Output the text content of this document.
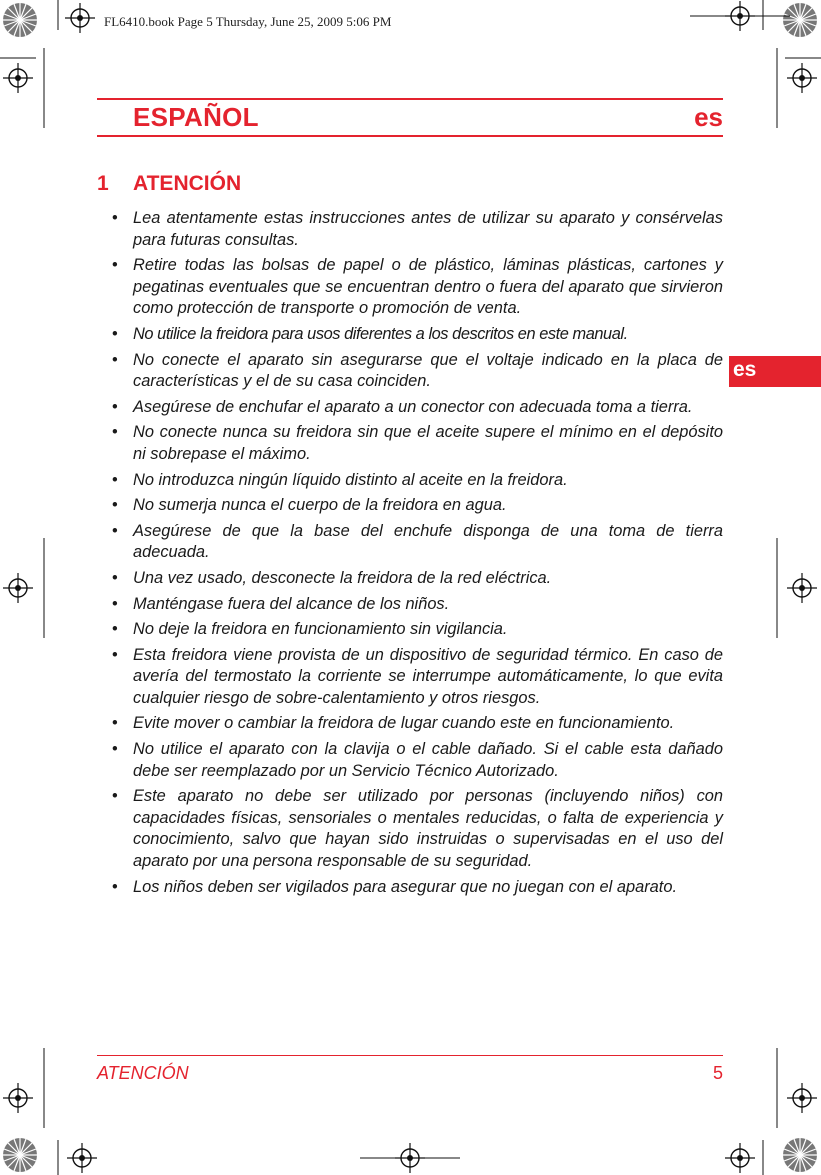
FL6410.book Page 5 Thursday, June 25, 2009 5:06 PM
ESPAÑOL	es
1 ATENCIÓN
es
• Lea atentamente estas instrucciones antes de utilizar su aparato y consérvelas para futuras consultas.
• Retire todas las bolsas de papel o de plástico, láminas plásticas, cartones y pegatinas eventuales que se encuentran dentro o fuera del aparato que sirvieron como protección de transporte o promoción de venta.
• No utilice la freidora para usos diferentes a los descritos en este manual.
• No conecte el aparato sin asegurarse que el voltaje indicado en la placa de características y el de su casa coinciden.
• Asegúrese de enchufar el aparato a un conector con adecuada toma a tierra.
• No conecte nunca su freidora sin que el aceite supere el mínimo en el depósito ni sobrepase el máximo.
• No introduzca ningún líquido distinto al aceite en la freidora.
• No sumerja nunca el cuerpo de la freidora en agua.
• Asegúrese de que la base del enchufe disponga de una toma de tierra adecuada.
• Una vez usado, desconecte la freidora de la red eléctrica.
• Manténgase fuera del alcance de los niños.
• No deje la freidora en funcionamiento sin vigilancia.
• Esta freidora viene provista de un dispositivo de seguridad térmico. En caso de avería del termostato la corriente se interrumpe automáticamente, lo que evita cualquier riesgo de sobre-calentamiento y otros riesgos.
• Evite mover o cambiar la freidora de lugar cuando este en funcionamiento.
• No utilice el aparato con la clavija o el cable dañado. Si el cable esta dañado debe ser reemplazado por un Servicio Técnico Autorizado.
• Este aparato no debe ser utilizado por personas (incluyendo niños) con capacidades físicas, sensoriales o mentales reducidas, o falta de experiencia y conocimiento, salvo que hayan sido instruidas o supervisadas en el uso del aparato por una persona responsable de su seguridad.
• Los niños deben ser vigilados para asegurar que no juegan con el aparato.
ATENCIÓN	5
